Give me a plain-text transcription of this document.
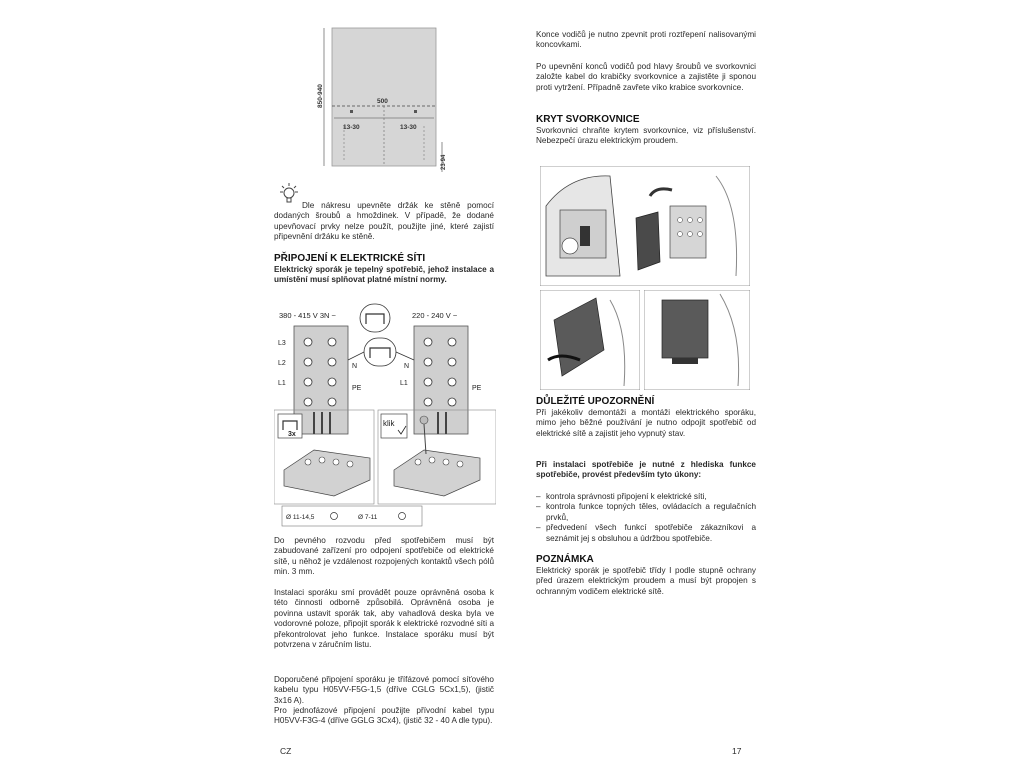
850-940	500
13-30	13-30
23-94
Dle nákresu upevněte držák ke stěně pomocí dodaných šroubů a hmoždinek. V případě, že dodané upevňovací prvky nelze použít, použijte jiné, které zajistí připevnění držáku ke stěně.
PŘIPOJENÍ K ELEKTRICKÉ SÍTI
Elektrický sporák je tepelný spotřebič, jehož instalace a umístění musí splňovat platné místní normy.
380 - 415 V 3N ~	220 - 240 V ~
L3
L2
L1
N
PE
L1
N
PE
3x
klik
Ø 11-14,5	Ø 7-11
Do pevného rozvodu před spotřebičem musí být zabudované zařízení pro odpojení spotřebiče od elektrické sítě, u něhož je vzdálenost rozpojených kontaktů všech pólů min. 3 mm.
Instalaci sporáku smí provádět pouze oprávněná osoba k této činnosti odborně způsobilá. Oprávněná osoba je povinna ustavit sporák tak, aby vahadlová deska byla ve vodorovné poloze, připojit sporák k elektrické rozvodné síti a překontrolovat jeho funkce. Instalace sporáku musí být potvrzena v záručním listu.
Doporučené připojení sporáku je třífázové pomocí síťového kabelu typu H05VV-F5G-1,5 (dříve CGLG 5Cx1,5), (jistič 3x16 A).
Pro jednofázové připojení použijte přívodní kabel typu H05VV-F3G-4 (dříve GGLG 3Cx4), (jistič 32 - 40 A dle typu).
CZ
Konce vodičů je nutno zpevnit proti roztřepení nalisovanými koncovkami.
Po upevnění konců vodičů pod hlavy šroubů ve svorkovnici založte kabel do krabičky svorkovnice a zajistěte ji sponou proti vytržení. Případně zavřete víko krabice svorkovnice.
KRYT SVORKOVNICE
Svorkovnici chraňte krytem svorkovnice, viz příslušenství. Nebezpečí úrazu elektrickým proudem.
DŮLEŽITÉ UPOZORNĚNÍ
Při jakékoliv demontáži a montáži elektrického sporáku, mimo jeho běžné používání je nutno odpojit spotřebič od elektrické sítě a zajistit jeho vypnutý stav.
Při instalaci spotřebiče je nutné z hlediska funkce spotřebiče, provést především tyto úkony:
– kontrola správnosti připojení k elektrické síti,
– kontrola funkce topných těles, ovládacích a regulačních prvků,
– předvedení všech funkcí spotřebiče zákazníkovi a seznámit jej s obsluhou a údržbou spotřebiče.
POZNÁMKA
Elektrický sporák je spotřebič třídy I podle stupně ochrany před úrazem elektrickým proudem a musí být propojen s ochranným vodičem elektrické sítě.
17
